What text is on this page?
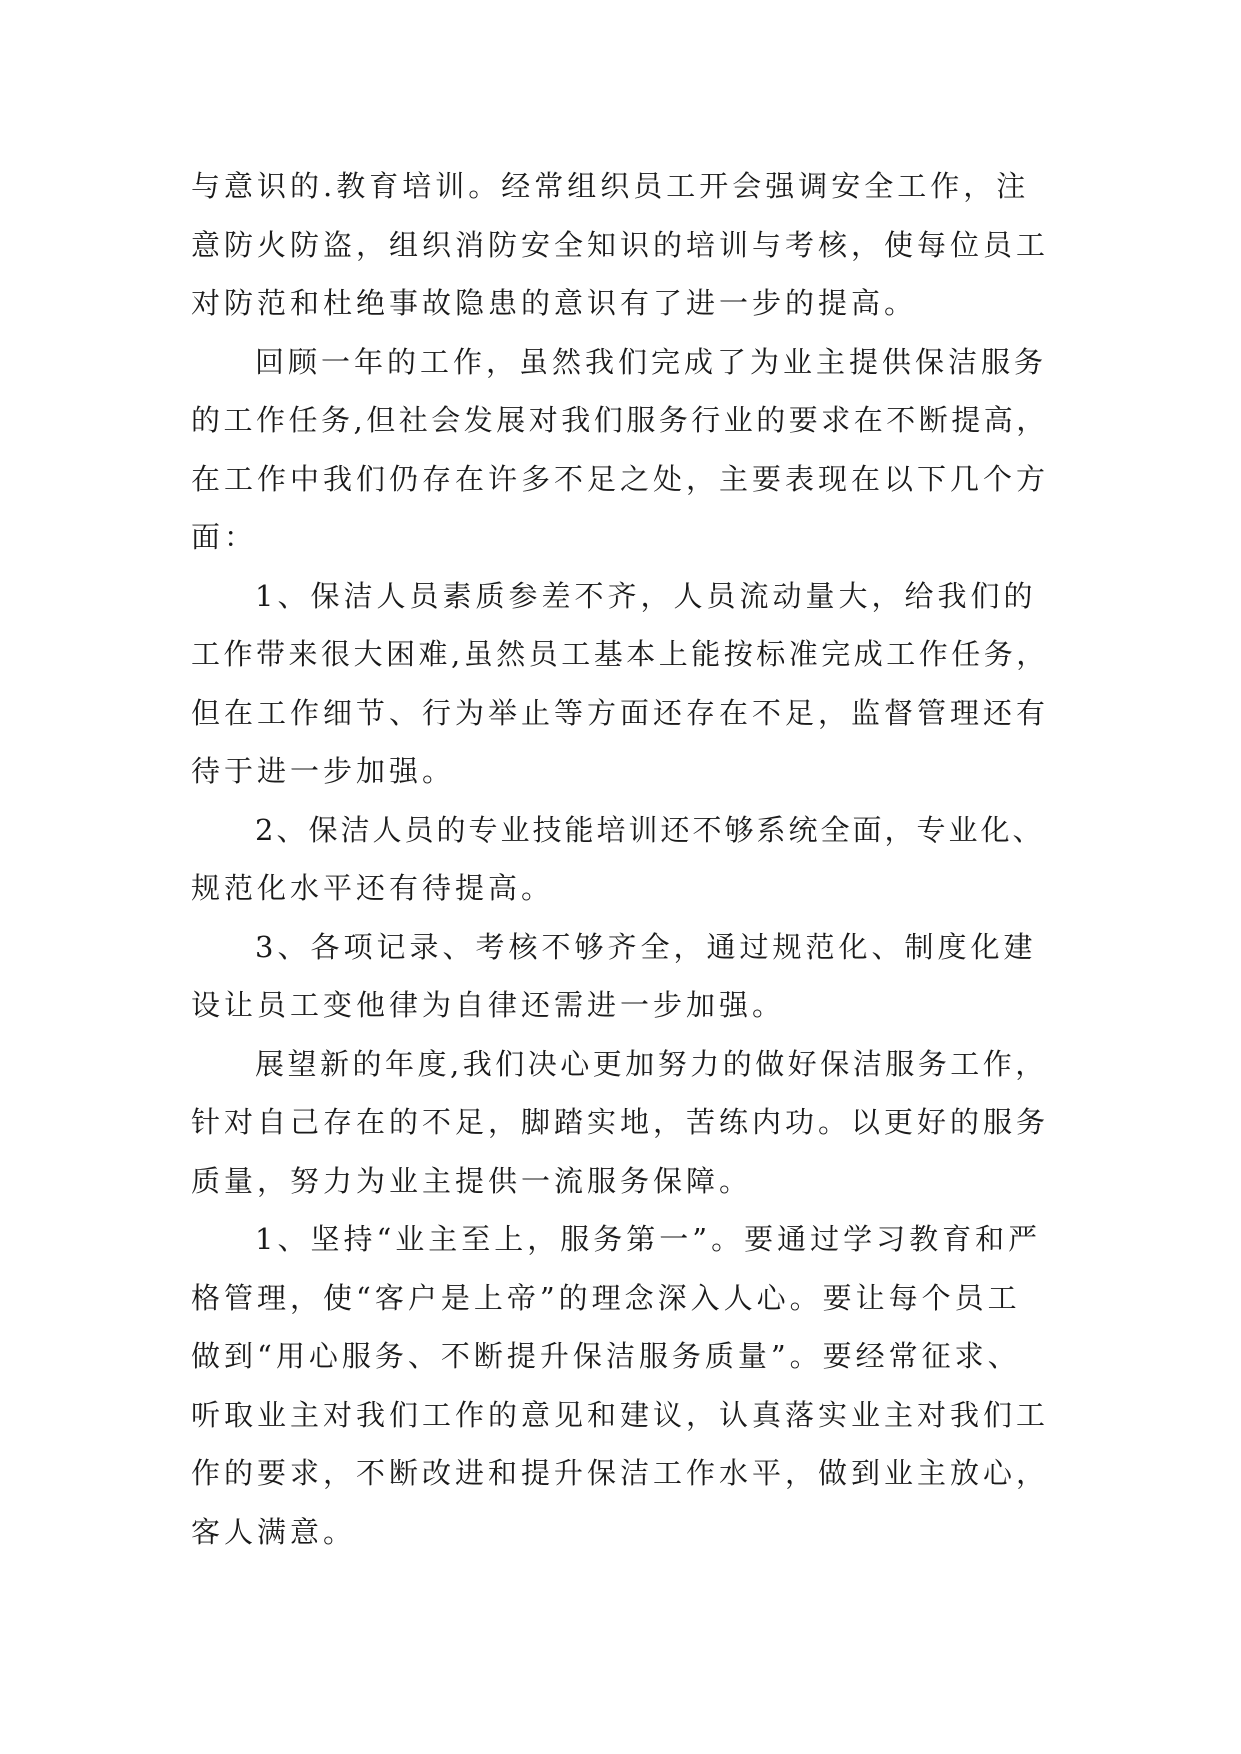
与意识的.教育培训。经常组织员工开会强调安全工作，注
意防火防盗，组织消防安全知识的培训与考核，使每位员工
对防范和杜绝事故隐患的意识有了进一步的提高。
回顾一年的工作，虽然我们完成了为业主提供保洁服务
的工作任务,但社会发展对我们服务行业的要求在不断提高，
在工作中我们仍存在许多不足之处，主要表现在以下几个方
面：
1、保洁人员素质参差不齐，人员流动量大，给我们的
工作带来很大困难,虽然员工基本上能按标准完成工作任务，
但在工作细节、行为举止等方面还存在不足，监督管理还有
待于进一步加强。
2、保洁人员的专业技能培训还不够系统全面，专业化、
规范化水平还有待提高。
3、各项记录、考核不够齐全，通过规范化、制度化建
设让员工变他律为自律还需进一步加强。
展望新的年度,我们决心更加努力的做好保洁服务工作，
针对自己存在的不足，脚踏实地，苦练内功。以更好的服务
质量，努力为业主提供一流服务保障。
1、坚持“业主至上，服务第一”。要通过学习教育和严
格管理，使“客户是上帝”的理念深入人心。要让每个员工
做到“用心服务、不断提升保洁服务质量”。要经常征求、
听取业主对我们工作的意见和建议，认真落实业主对我们工
作的要求，不断改进和提升保洁工作水平，做到业主放心，
客人满意。
